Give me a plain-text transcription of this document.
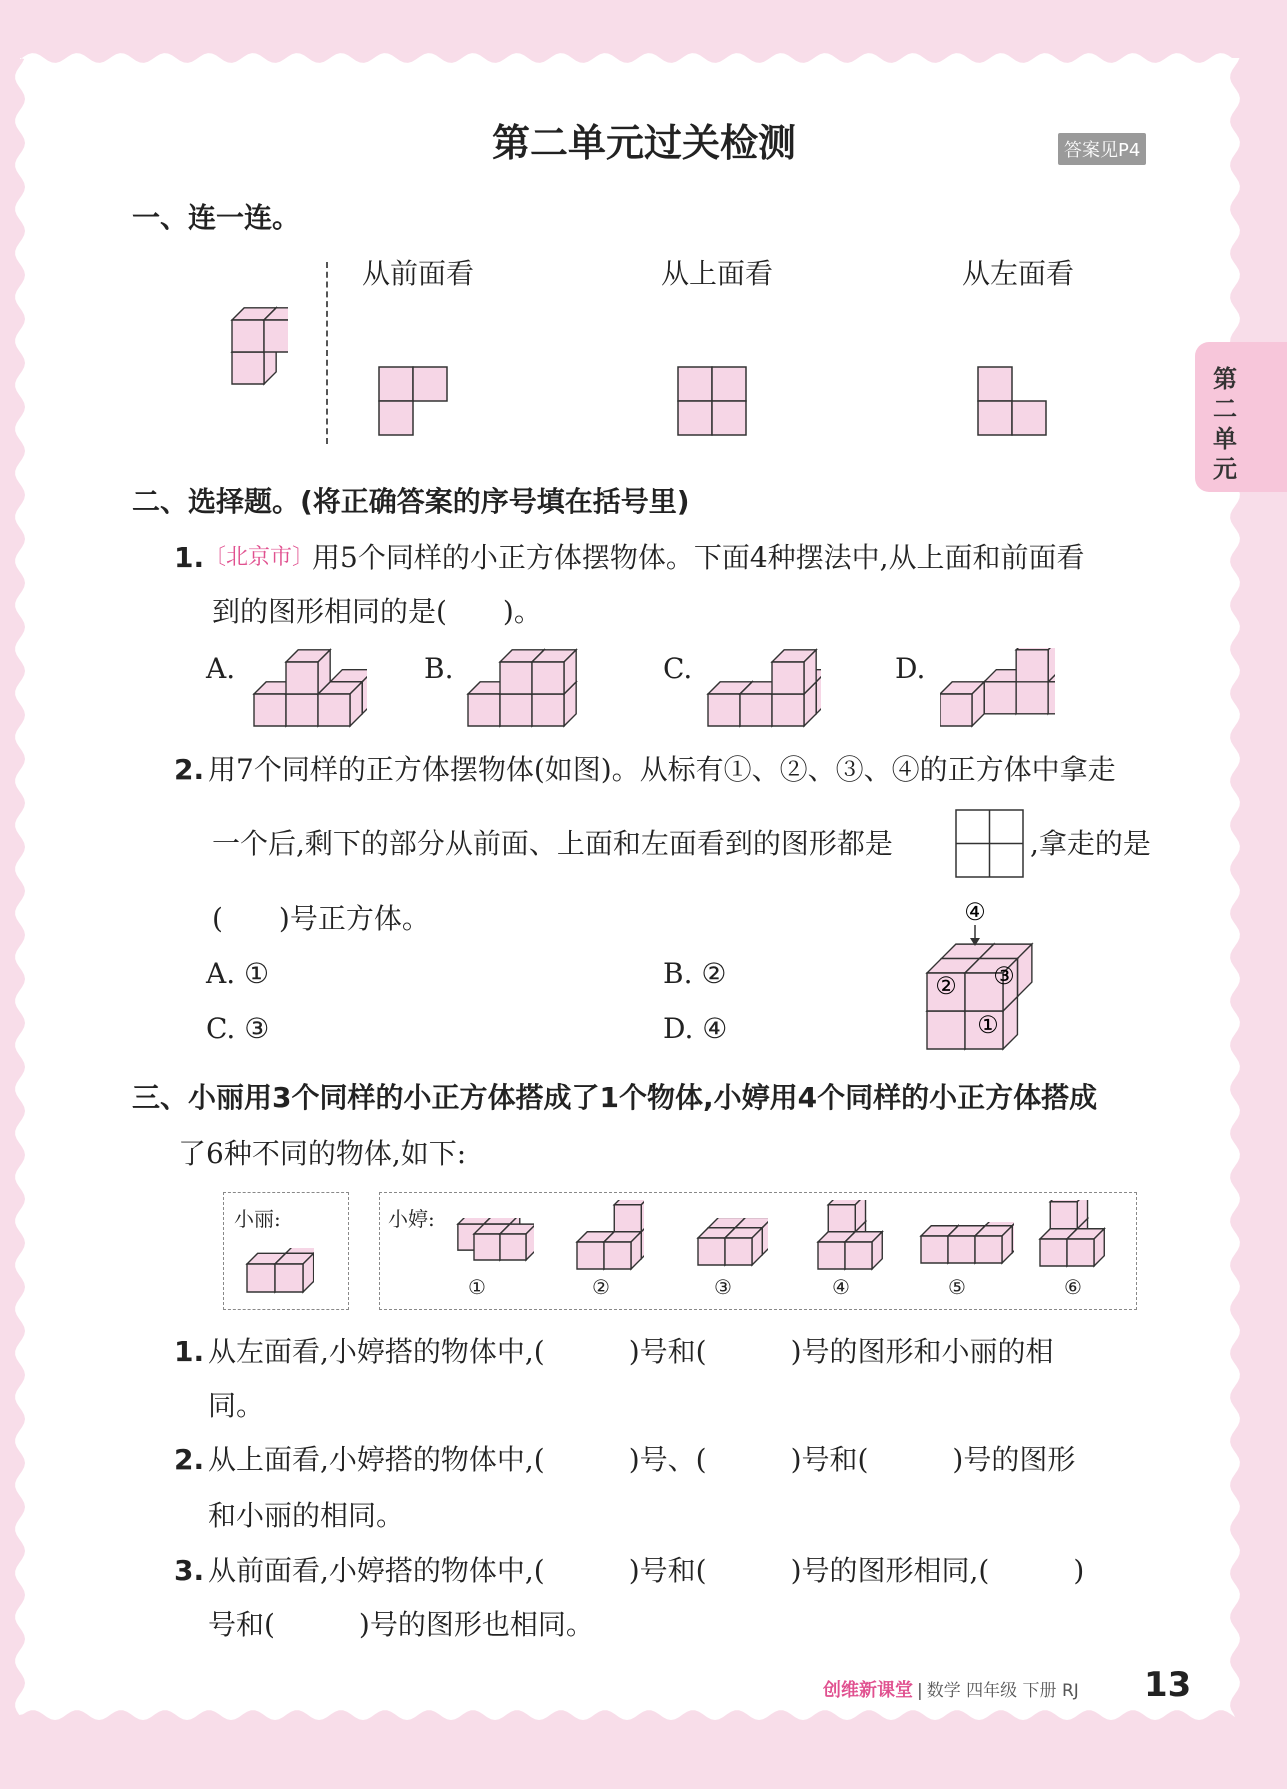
第二单元过关检测	答案见P4
第二单元
一、连一连。
从前面看	从上面看	从左面看
二、选择题。(将正确答案的序号填在括号里)
1. 〔北京市〕
用5个同样的小正方体摆物体。下面4种摆法中,从上面和前面看
到的图形相同的是(　　)。
A.	B.	C.	D.
2. 用7个同样的正方体摆物体(如图)。从标有①、②、③、④的正方体中拿走
一个后,剩下的部分从前面、上面和左面看到的图形都是	,拿走的是
(　　)号正方体。
A. ①	B. ②
C. ③	D. ④
④
② ③
①
三、小丽用3个同样的小正方体搭成了1个物体,小婷用4个同样的小正方体搭成
了6种不同的物体,如下:
小丽:	小婷:
①	②	③	④	⑤	⑥
1. 从左面看,小婷搭的物体中,(　　　)号和(　　　)号的图形和小丽的相
同。
2. 从上面看,小婷搭的物体中,(　　　)号、(　　　)号和(　　　)号的图形
和小丽的相同。
3. 从前面看,小婷搭的物体中,(　　　)号和(　　　)号的图形相同,(　　　)
号和(　　　)号的图形也相同。
创维新课堂 | 数学 四年级 下册 RJ 13
